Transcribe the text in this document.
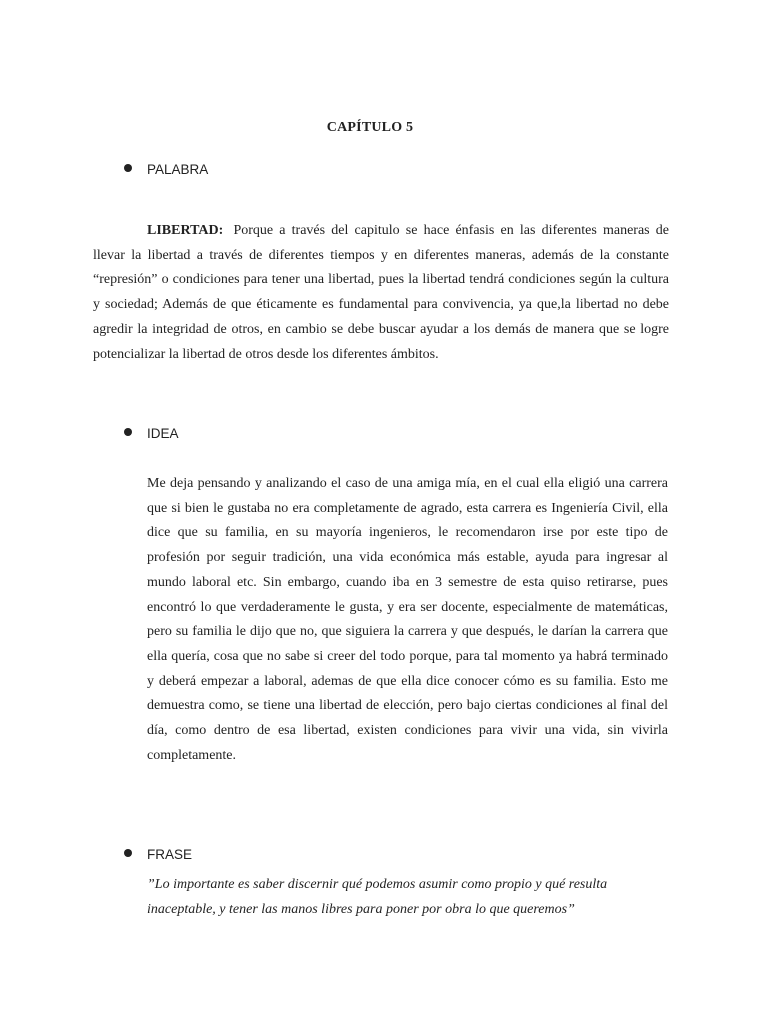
CAPÍTULO 5
PALABRA

LIBERTAD: Porque a través del capitulo se hace énfasis en las diferentes maneras de llevar la libertad a través de diferentes tiempos y en diferentes maneras, además de la constante “represión” o condiciones para tener una libertad, pues la libertad tendrá condiciones según la cultura y sociedad; Además de que éticamente es fundamental para convivencia, ya que,la libertad no debe agredir la integridad de otros, en cambio se debe buscar ayudar a los demás de manera que se logre potencializar la libertad de otros desde los diferentes ámbitos.

IDEA

Me deja pensando y analizando el caso de una amiga mía, en el cual ella eligió una carrera que si bien le gustaba no era completamente de agrado, esta carrera es Ingeniería Civil, ella dice que su familia, en su mayoría ingenieros, le recomendaron irse por este tipo de profesión por seguir tradición, una vida económica más estable, ayuda para ingresar al mundo laboral etc. Sin embargo, cuando iba en 3 semestre de esta quiso retirarse, pues encontró lo que verdaderamente le gusta, y era ser docente, especialmente de matemáticas, pero su familia le dijo que no, que siguiera la carrera y que después, le darían la carrera que ella quería, cosa que no sabe si creer del todo porque, para tal momento ya habrá terminado y deberá empezar a laboral, ademas de que ella dice conocer cómo es su familia. Esto me demuestra como, se tiene una libertad de elección, pero bajo ciertas condiciones al final del día, como dentro de esa libertad, existen condiciones para vivir una vida, sin vivirla completamente.

FRASE

”Lo importante es saber discernir qué podemos asumir como propio y qué resulta inaceptable, y tener las manos libres para poner por obra lo que queremos”
